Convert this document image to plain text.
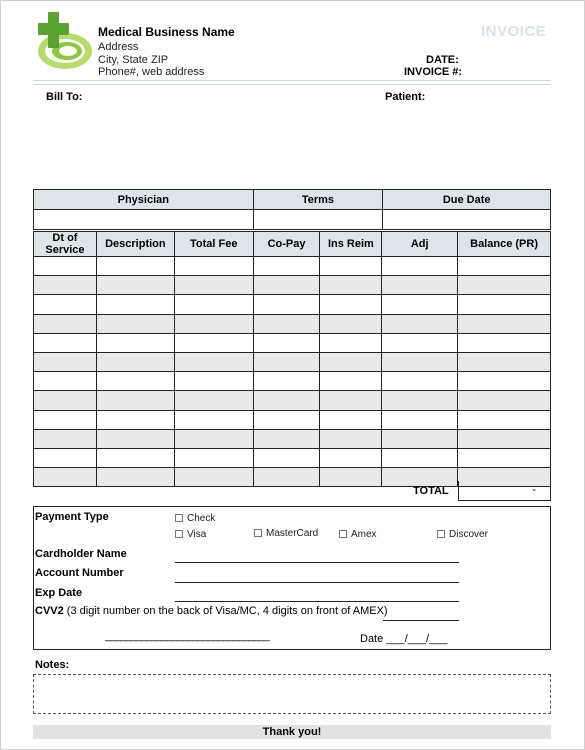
Medical Business Name
Address
City, State ZIP
Phone#, web address
INVOICE
DATE:
INVOICE #:
Bill To:	Patient:
Physician	Terms	Due Date

Dt of Service	Description	Total Fee	Co-Pay	Ins Reim	Adj	Balance (PR)

TOTAL	-
Payment Type	Check
Visa	MasterCard	Amex	Discover
Cardholder Name
Account Number
Exp Date
CVV2 (3 digit number on the back of Visa/MC, 4 digits on front of AMEX)
________________________________	Date ___/___/___
Notes:
Thank you!
